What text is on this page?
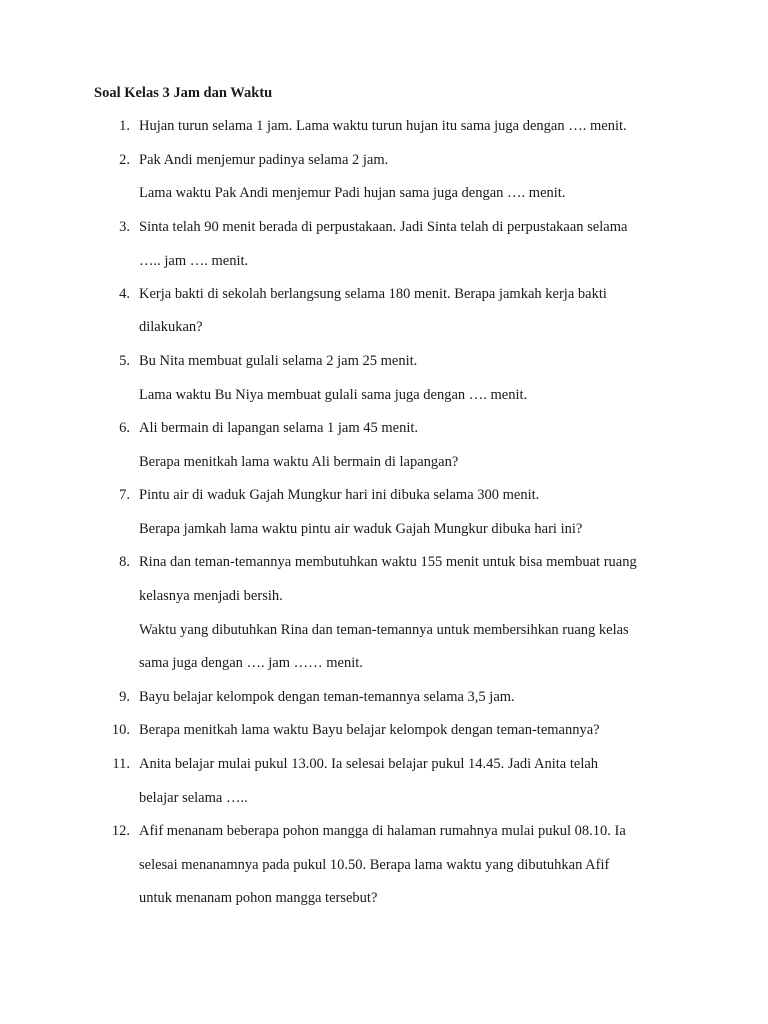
Soal Kelas 3 Jam dan Waktu
1. Hujan turun selama 1 jam. Lama waktu turun hujan itu sama juga dengan …. menit.
2. Pak Andi menjemur padinya selama 2 jam.
Lama waktu Pak Andi menjemur Padi hujan sama juga dengan …. menit.
3. Sinta telah 90 menit berada di perpustakaan. Jadi Sinta telah di perpustakaan selama
….. jam …. menit.
4. Kerja bakti di sekolah berlangsung selama 180 menit. Berapa jamkah kerja bakti
dilakukan?
5. Bu Nita membuat gulali selama 2 jam 25 menit.
Lama waktu Bu Niya membuat gulali sama juga dengan …. menit.
6. Ali bermain di lapangan selama 1 jam 45 menit.
Berapa menitkah lama waktu Ali bermain di lapangan?
7. Pintu air di waduk Gajah Mungkur hari ini dibuka selama 300 menit.
Berapa jamkah lama waktu pintu air waduk Gajah Mungkur dibuka hari ini?
8. Rina dan teman-temannya membutuhkan waktu 155 menit untuk bisa membuat ruang
kelasnya menjadi bersih.
Waktu yang dibutuhkan Rina dan teman-temannya untuk membersihkan ruang kelas
sama juga dengan …. jam …… menit.
9. Bayu belajar kelompok dengan teman-temannya selama 3,5 jam.
10. Berapa menitkah lama waktu Bayu belajar kelompok dengan teman-temannya?
11. Anita belajar mulai pukul 13.00. Ia selesai belajar pukul 14.45. Jadi Anita telah
belajar selama …..
12. Afif menanam beberapa pohon mangga di halaman rumahnya mulai pukul 08.10. Ia
selesai menanamnya pada pukul 10.50. Berapa lama waktu yang dibutuhkan Afif
untuk menanam pohon mangga tersebut?
